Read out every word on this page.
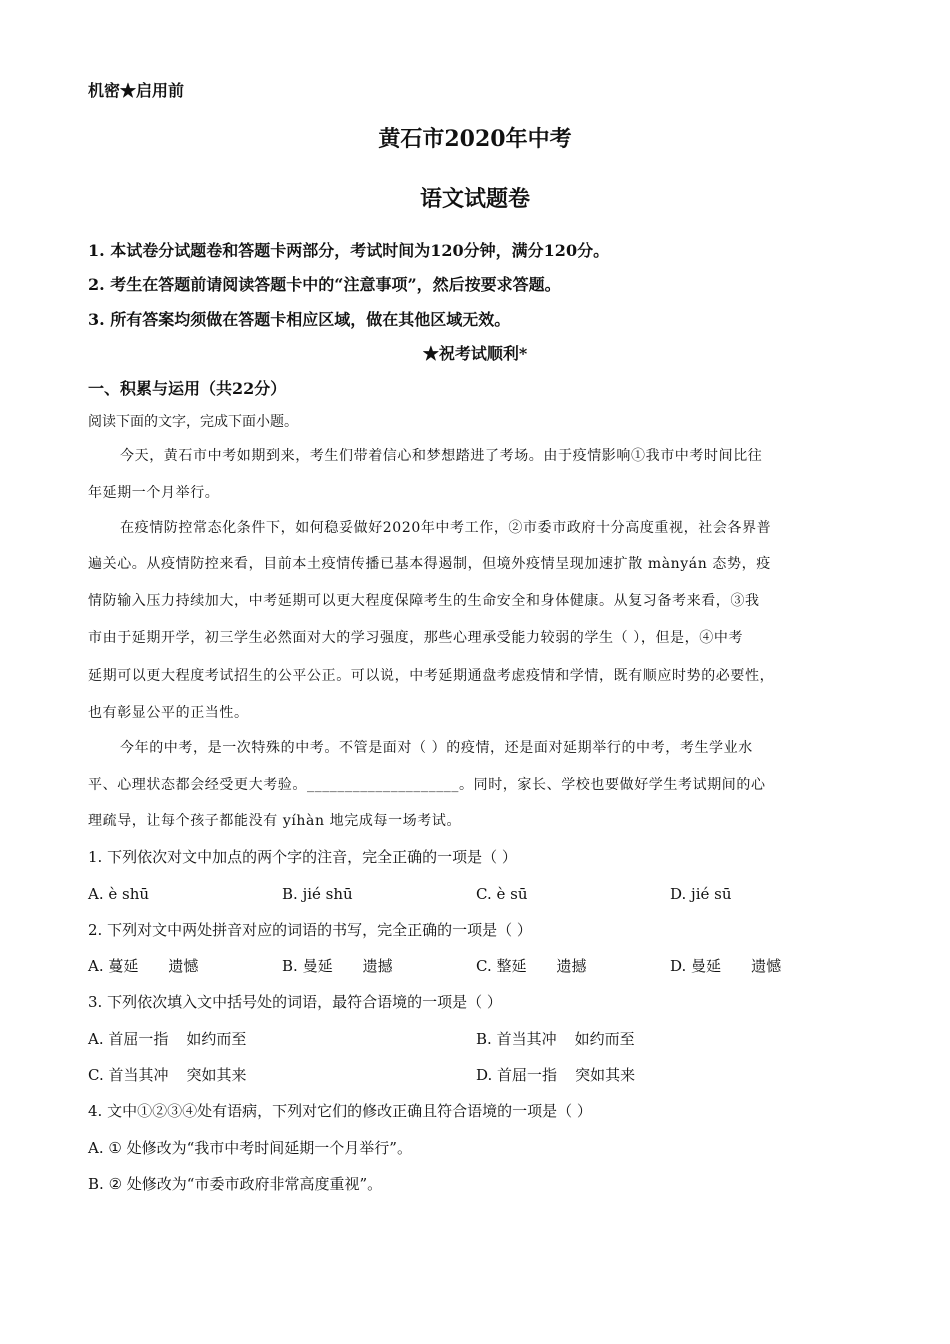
机密★启用前
黄石市2020年中考
语文试题卷
1. 本试卷分试题卷和答题卡两部分，考试时间为120分钟，满分120分。
2. 考生在答题前请阅读答题卡中的“注意事项”，然后按要求答题。
3. 所有答案均须做在答题卡相应区域，做在其他区域无效。
★祝考试顺利*
一、积累与运用（共22分）
阅读下面的文字，完成下面小题。
今天，黄石市中考如期到来，考生们带着信心和梦想踏进了考场。由于疫情影响①我市中考时间比往
年延期一个月举行。
在疫情防控常态化条件下，如何稳妥做好2020年中考工作，②市委市政府十分高度重视，社会各界普
遍关心。从疫情防控来看，目前本土疫情传播已基本得遏制，但境外疫情呈现加速扩散 mànyán 态势，疫
情防输入压力持续加大，中考延期可以更大程度保障考生的生命安全和身体健康。从复习备考来看，③我
市由于延期开学，初三学生必然面对大的学习强度，那些心理承受能力较弱的学生（ ），但是，④中考
延期可以更大程度考试招生的公平公正。可以说，中考延期通盘考虑疫情和学情，既有顺应时势的必要性，
也有彰显公平的正当性。
今年的中考，是一次特殊的中考。不管是面对（ ）的疫情，还是面对延期举行的中考，考生学业水
平、心理状态都会经受更大考验。____________________。同时，家长、学校也要做好学生考试期间的心
理疏导，让每个孩子都能没有 yíhàn 地完成每一场考试。
1. 下列依次对文中加点的两个字的注音，完全正确的一项是（ ）
A. è shū	B. jié shū	C. è sū	D. jié sū
2. 下列对文中两处拼音对应的词语的书写，完全正确的一项是（ ）
A. 蔓延 遗憾	B. 曼延 遗撼	C. 整延 遗撼	D. 曼延 遗憾
3. 下列依次填入文中括号处的词语，最符合语境的一项是（ ）
A. 首屈一指 如约而至	B. 首当其冲 如约而至
C. 首当其冲 突如其来	D. 首屈一指 突如其来
4. 文中①②③④处有语病，下列对它们的修改正确且符合语境的一项是（ ）
A. ① 处修改为“我市中考时间延期一个月举行”。
B. ② 处修改为“市委市政府非常高度重视”。
